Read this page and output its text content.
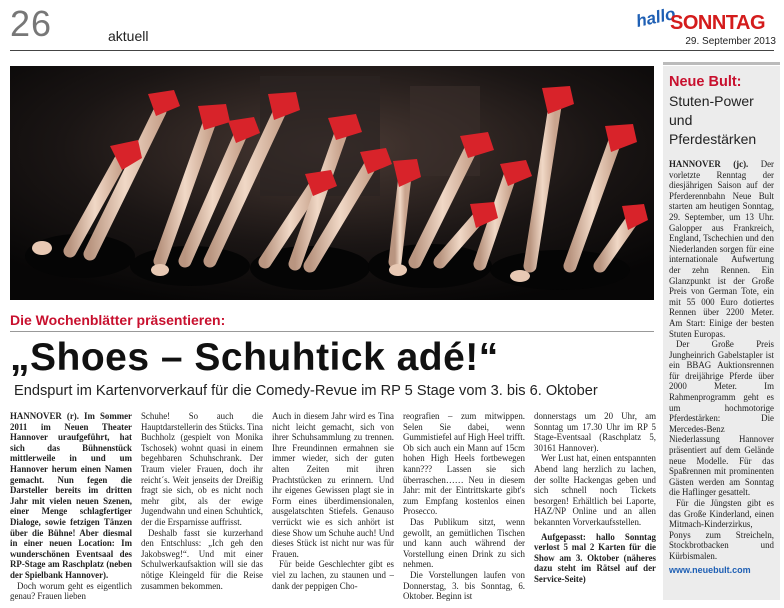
26	aktuell
hallo
SONNTAG
29. September 2013
Die Wochenblätter präsentieren:
„Shoes – Schuhtick adé!“
Endspurt im Kartenvorverkauf für die Comedy-Revue im RP 5 Stage vom 3. bis 6. Oktober

HANNOVER (r). Im Sommer 2011 im Neuen Theater Hannover uraufgeführt, hat sich das Bühnenstück mittlerweile in und um Hannover herum einen Namen gemacht. Nun fegen die Darsteller bereits im dritten Jahr mit vielen neuen Szenen, einer Menge schlagfertiger Dialoge, sowie fetzigen Tänzen über die Bühne! Aber diesmal in einer neuen Location: Im wunderschönen Eventsaal des RP-Stage am Raschplatz (neben der Spielbank Hannover).

Doch worum geht es eigentlich genau? Frauen lieben

Schuhe! So auch die Hauptdarstellerin des Stücks. Tina Buchholz (gespielt von Monika Tschosek) wohnt quasi in einem begehbaren Schuhschrank. Der Traum vieler Frauen, doch ihr reicht´s. Weit jenseits der Dreißig fragt sie sich, ob es nicht noch mehr gibt, als der ewige Jugendwahn und einen Schuhtick, der die Ersparnisse auffrisst.

Deshalb fasst sie kurzerhand den Entschluss: „Ich geh den Jakobsweg!“. Und mit einer Schulwerkaufsaktion will sie das nötige Kleingeld für die Reise zusammen bekommen.

Auch in diesem Jahr wird es Tina nicht leicht gemacht, sich von ihrer Schuhsammlung zu trennen. Ihre Freundinnen ermahnen sie immer wieder, sich der guten alten Zeiten mit ihren Prachtstücken zu erinnern. Und ihr eigenes Gewissen plagt sie in Form eines überdimensionalen, ausgelatschten Stiefels. Genauso verrückt wie es sich anhört ist diese Show um Schuhe auch! Und dieses Stück ist nicht nur was für Frauen.

Für beide Geschlechter gibt es viel zu lachen, zu staunen und – dank der peppigen Cho-

reografien – zum mitwippen. Selen Sie dabei, wenn Gummistiefel auf High Heel trifft. Ob sich auch ein Mann auf 15cm hohen High Heels fortbewegen kann??? Lassen sie sich überraschen…… Neu in diesem Jahr: mit der Eintrittskarte gibt's zum Empfang kostenlos einen Prosecco.

Das Publikum sitzt, wenn gewollt, an gemütlichen Tischen und kann auch während der Vorstellung einen Drink zu sich nehmen.

Die Vorstellungen laufen von Donnerstag, 3. bis Sonntag, 6. Oktober. Beginn ist

donnerstags um 20 Uhr, am Sonntag um 17.30 Uhr im RP 5 Stage-Eventsaal (Raschplatz 5, 30161 Hannover).

Wer Lust hat, einen entspannten Abend lang herzlich zu lachen, der sollte Hackengas geben und sich schnell noch Tickets besorgen! Erhältlich bei Laporte, HAZ/NP Online und an allen bekannten Vorverkaufsstellen.

Aufgepasst: hallo Sonntag verlost 5 mal 2 Karten für die Show am 3. Oktober (näheres dazu steht im Rätsel auf der Service-Seite)

Neue Bult:
Stuten-Power und Pferdestärken

HANNOVER (jc). Der vorletzte Renntag der diesjährigen Saison auf der Pferderennbahn Neue Bult starten am heutigen Sonntag, 29. September, um 13 Uhr. Galopper aus Frankreich, England, Tschechien und den Niederlanden sorgen für eine internationale Aufwertung der zehn Rennen. Ein Glanzpunkt ist der Große Preis von German Tote, ein mit 55 000 Euro dotiertes Rennen über 2200 Meter. Am Start: Einige der besten Stuten Europas.

Der Große Preis Jungheinrich Gabelstapler ist ein BBAG Auktionsrennen für dreijährige Pferde über 2000 Meter. Im Rahmenprogramm geht es um hochmotorige Pferdestärken: Die Mercedes-Benz Niederlassung Hannover präsentiert auf dem Gelände neue Modelle. Für das Spaßrennen mit prominenten Gästen werden am Sonntag die Haflinger gesattelt.

Für die Jüngsten gibt es das Große Kinderland, einen Mitmach-Kinderzirkus, Ponys zum Streicheln, Stockbrotbacken und Kürbismalen.

www.neuebult.com
